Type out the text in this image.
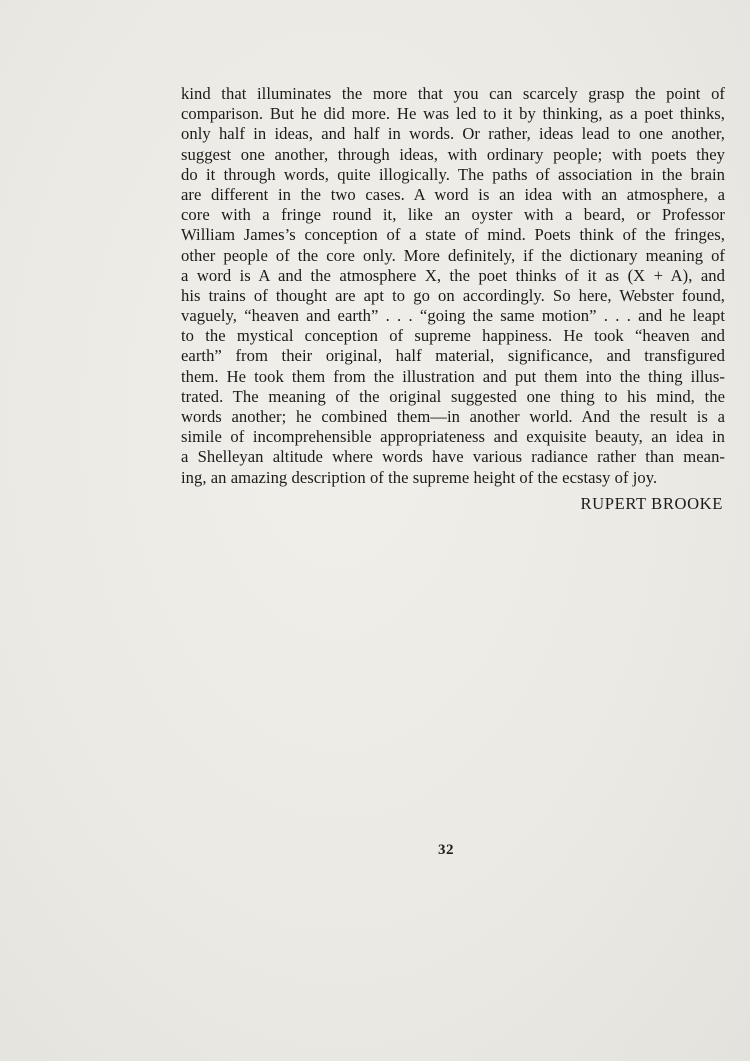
kind that illuminates the more that you can scarcely grasp the point of
comparison. But he did more. He was led to it by thinking, as a poet thinks,
only half in ideas, and half in words. Or rather, ideas lead to one another,
suggest one another, through ideas, with ordinary people; with poets they
do it through words, quite illogically. The paths of association in the brain
are different in the two cases. A word is an idea with an atmosphere, a
core with a fringe round it, like an oyster with a beard, or Professor
William James’s conception of a state of mind. Poets think of the fringes,
other people of the core only. More definitely, if the dictionary meaning of
a word is A and the atmosphere X, the poet thinks of it as (X + A), and
his trains of thought are apt to go on accordingly. So here, Webster found,
vaguely, “heaven and earth” . . . “going the same motion” . . . and he leapt
to the mystical conception of supreme happiness. He took “heaven and
earth” from their original, half material, significance, and transfigured
them. He took them from the illustration and put them into the thing illus-
trated. The meaning of the original suggested one thing to his mind, the
words another; he combined them—in another world. And the result is a
simile of incomprehensible appropriateness and exquisite beauty, an idea in
a Shelleyan altitude where words have various radiance rather than mean-
ing, an amazing description of the supreme height of the ecstasy of joy.
RUPERT BROOKE
32
